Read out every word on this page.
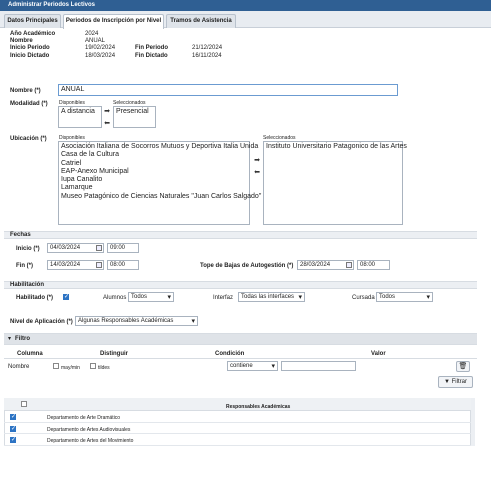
Administrar Periodos Lectivos
Datos Principales	Periodos de Inscripción por Nivel	Tramos de Asistencia
Año Académico	2024
Nombre	ANUAL
Inicio Periodo	19/02/2024	Fin Periodo	21/12/2024
Inicio Dictado	18/03/2024	Fin Dictado	16/11/2024
Nombre (*)	ANUAL
Modalidad (*) Disponibles	Seleccionados
A distancia	➡
⬅
Presencial
Ubicación (*) Disponibles	Seleccionados
Asociación Italiana de Socorros Mutuos y Deportiva Italia Unida
Casa de la Cultura
Catriel
EAP-Anexo Municipal
Iupa Canalito
Lamarque
Museo Patagónico de Ciencias Naturales "Juan Carlos Salgado"
➡
⬅
Instituto Universitario Patagonico de las Artes
Fechas
Inicio (*)	04/03/2024	09:00
Fin (*)	14/03/2024	08:00	Tope de Bajas de Autogestión (*)	28/03/2024	08:00
Habilitación
Habilitado (*)
✓	Alumnos Todos ▾	Interfaz	Todas las interfaces ▾	Cursada Todos ▾
Nivel de Aplicación (*) Algunas Responsables Académicas ▾
▾ Filtro
Columna	Distinguir	Condición	Valor
Nombre	may/min	tildes	contiene ▾	🗑
▼ Filtrar
Responsables Académicas
✓
Departamento de Arte Dramático
✓
Departamento de Artes Audiovisuales
✓
Departamento de Artes del Movimiento
